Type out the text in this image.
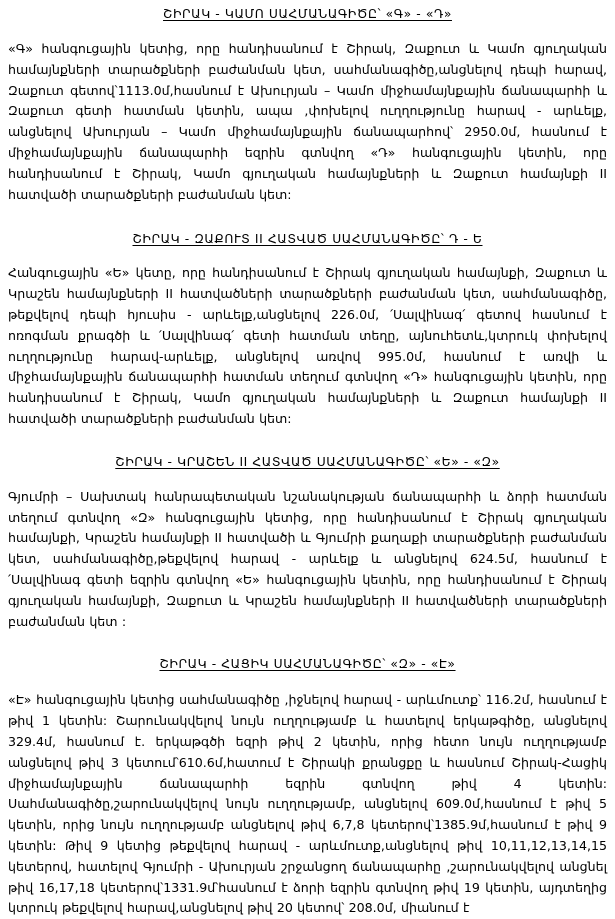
ՇԻՐԱԿ - ԿԱՄՈ ՍԱՀՄԱՆԱԳԻԾԸ՝ «Գ» - «Դ»

«Գ» հանգուցային կետից, որը հանդիսանում է Շիրակ, Զաքուտ և Կամո գյուղական համայնքների տարածքների բաժանման կետ, սահմանագիծը,անցնելով դեպի հարավ, Զաքուտ գետով՝1113.0մ,հասնում է Ախուրյան – Կամո միջհամայնքային ճանապարհի և Զաքուտ գետի հատման կետին, ապա ,փոխելով ուղղությունը հարավ - արևելք, անցնելով Ախուրյան – Կամո միջհամայնքային ճանապարհով՝ 2950.0մ, հասնում է միջհամայնքային ճանապարհի եզրին գտնվող «Դ» հանգուցային կետին, որը հանդիսանում է Շիրակ, Կամո գյուղական համայնքների և Զաքուտ համայնքի II հատվածի տարածքների բաժանման կետ:

ՇԻՐԱԿ - ԶԱՔՈՒՏ II ՀԱՏՎԱԾ ՍԱՀՄԱՆԱԳԻԾԸ՝ Դ - Ե

Հանգուցային «Ե» կետը, որը հանդիսանում է Շիրակ գյուղական համայնքի, Զաքուտ և Կրաշեն համայնքների II հատվածների տարածքների բաժանման կետ, սահմանագիծը, թեքվելով դեպի հյուսիս - արևելք,անցնելով 226.0մ, ՛Սալվինագ՛ գետով հասնում է ոռոգման քրագծի և ՛Սալվինագ՛ գետի հատման տեղը, այնուհետև,կտրուկ փոխելով ուղղությունը հարավ-արևելք, անցնելով առվով 995.0մ, հասնում է առվի և միջհամայնքային ճանապարհի հատման տեղում գտնվող «Դ» հանգուցային կետին, որը հանդիսանում է Շիրակ, Կամո գյուղական համայնքների և Զաքուտ համայնքի II հատվածի տարածքների բաժանման կետ:

ՇԻՐԱԿ - ԿՐԱՇԵՆ II ՀԱՏՎԱԾ ՍԱՀՄԱՆԱԳԻԾԸ՝ «Ե» - «Զ»

Գյումրի – Սախտակ հանրապետական նշանակության ճանապարհի և ձորի հատման տեղում գտնվող «Զ» հանգուցային կետից, որը հանդիսանում է Շիրակ գյուղական համայնքի, Կրաշեն համայնքի II հատվածի և Գյումրի քաղաքի տարածքների բաժանման կետ, սահմանագիծը,թեքվելով հարավ - արևելք և անցնելով 624.5մ, հասնում է ՛Սալվինագ գետի եզրին գտնվող «Ե» հանգուցային կետին, որը հանդիսանում է Շիրակ գյուղական համայնքի, Զաքուտ և Կրաշեն համայնքների II հատվածների տարածքների բաժանման կետ :

ՇԻՐԱԿ - ՀԱՑԻԿ ՍԱՀՄԱՆԱԳԻԾԸ՝ «Զ» - «Է»

«Է» հանգուցային կետից սահմանագիծը ,իջնելով հարավ - արևմուտք՝ 116.2մ, հասնում է թիվ 1 կետին: Շարունակվելով նույն ուղղությամբ և հատելով երկաթգիծը, անցնելով 329.4մ, հասնում է. երկաթգծի եզրի թիվ 2 կետին, որից հետո նույն ուղղությամբ անցնելով թիվ 3 կետում՝610.6մ,հատում է Շիրակի քրանցքը և հասնում Շիրակ-Հացիկ միջհամայնքային ճանապարհի եզրին գտնվող թիվ 4 կետին: Սահմանագիծը,շարունակվելով նույն ուղղությամբ, անցնելով 609.0մ,հասնում է թիվ 5 կետին, որից նույն ուղղությամբ անցնելով թիվ 6,7,8 կետերով՝1385.9մ,հասնում է թիվ 9 կետին: Թիվ 9 կետից թեքվելով հարավ - արևմուտք,անցնելով թիվ 10,11,12,13,14,15 կետերով, հատելով Գյումրի - Ախուրյան շրջանցող ճանապարհը ,շարունակվելով անցնել թիվ 16,17,18 կետերով՝1331.9մ՝հասնում է ձորի եզրին գտնվող թիվ 19 կետին, այդտեղից կտրուկ թեքվելով հարավ,անցնելով թիվ 20 կետով՝ 208.0մ, միանում է
